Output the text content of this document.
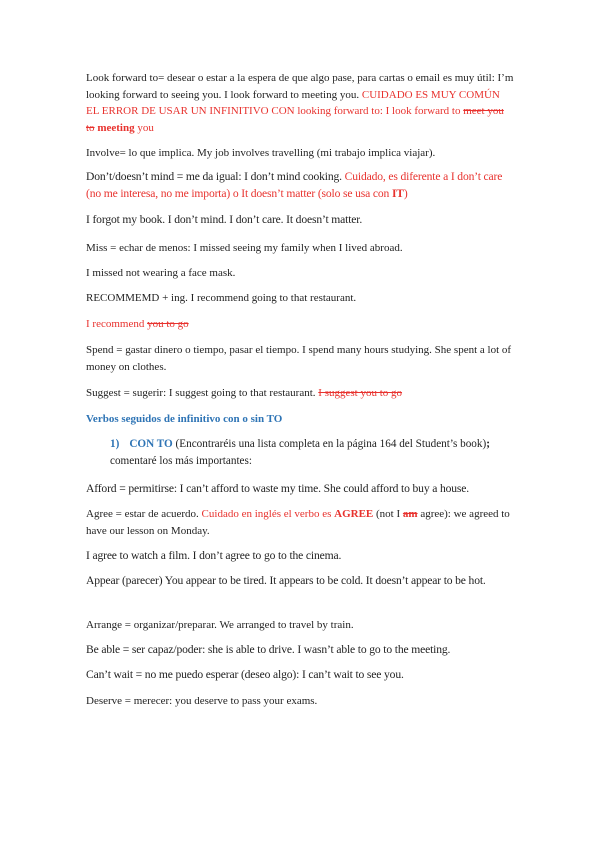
Look forward to= desear o estar a la espera de que algo pase, para cartas o email es muy útil: I’m looking forward to seeing you. I look forward to meeting you. CUIDADO ES MUY COMÚN EL ERROR DE USAR UN INFINITIVO CON looking forward to: I look forward to meet you to meeting you

Involve= lo que implica. My job involves travelling (mi trabajo implica viajar).

Don’t/doesn’t mind = me da igual: I don’t mind cooking. Cuidado, es diferente a I don’t care (no me interesa, no me importa) o It doesn’t matter (solo se usa con IT)

I forgot my book. I don’t mind. I don’t care. It doesn’t matter.

Miss = echar de menos: I missed seeing my family when I lived abroad.

I missed not wearing a face mask.

RECOMMEMD + ing. I recommend going to that restaurant.

I recommend you to go

Spend = gastar dinero o tiempo, pasar el tiempo. I spend many hours studying. She spent a lot of money on clothes.

Suggest = sugerir: I suggest going to that restaurant. I suggest you to go

Verbos seguidos de infinitivo con o sin TO

1) CON TO (Encontraréis una lista completa en la página 164 del Student’s book); comentaré los más importantes:

Afford = permitirse: I can’t afford to waste my time. She could afford to buy a house.

Agree = estar de acuerdo. Cuidado en inglés el verbo es AGREE (not I am agree): we agreed to have our lesson on Monday.

I agree to watch a film. I don’t agree to go to the cinema.

Appear (parecer) You appear to be tired. It appears to be cold. It doesn’t appear to be hot.

Arrange = organizar/preparar. We arranged to travel by train.

Be able = ser capaz/poder: she is able to drive. I wasn’t able to go to the meeting.

Can’t wait = no me puedo esperar (deseo algo): I can’t wait to see you.

Deserve = merecer: you deserve to pass your exams.
